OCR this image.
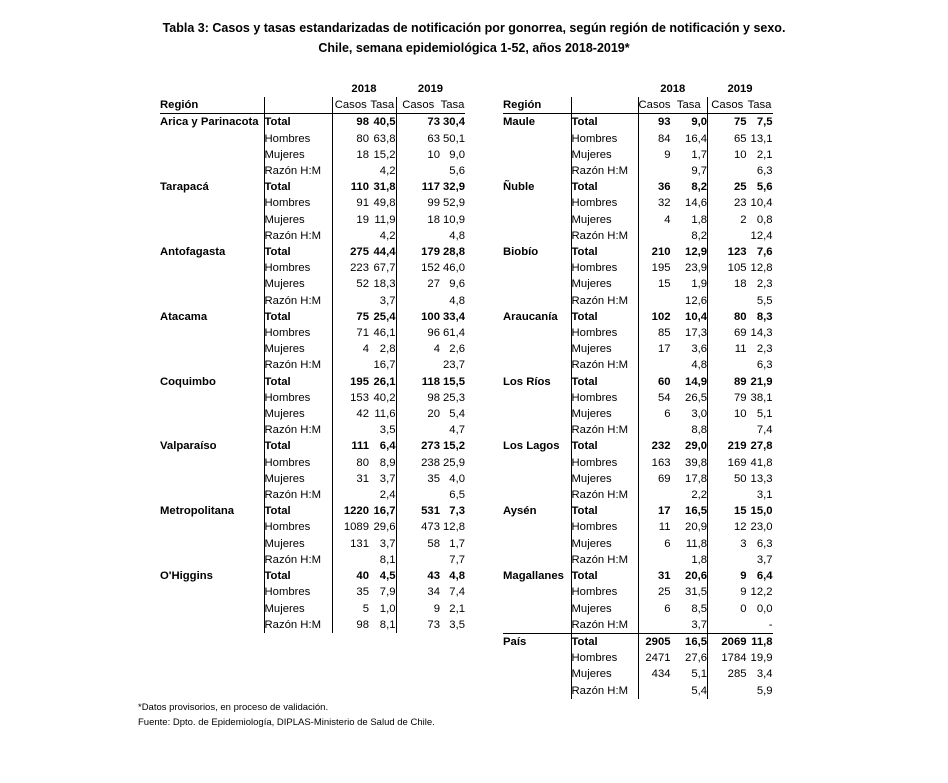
Tabla 3: Casos y tasas estandarizadas de notificación por gonorrea, según región de notificación y sexo.
Chile, semana epidemiológica 1-52, años 2018-2019*
		2018		2019	
Región		Casos	Tasa	Casos	Tasa
Arica y Parinacota	Total	98	40,5	73	30,4
	Hombres	80	63,8	63	50,1
	Mujeres	18	15,2	10	9,0
	Razón H:M		4,2		5,6
Tarapacá	Total	110	31,8	117	32,9
	Hombres	91	49,8	99	52,9
	Mujeres	19	11,9	18	10,9
	Razón H:M		4,2		4,8
Antofagasta	Total	275	44,4	179	28,8
	Hombres	223	67,7	152	46,0
	Mujeres	52	18,3	27	9,6
	Razón H:M		3,7		4,8
Atacama	Total	75	25,4	100	33,4
	Hombres	71	46,1	96	61,4
	Mujeres	4	2,8	4	2,6
	Razón H:M		16,7		23,7
Coquimbo	Total	195	26,1	118	15,5
	Hombres	153	40,2	98	25,3
	Mujeres	42	11,6	20	5,4
	Razón H:M		3,5		4,7
Valparaíso	Total	111	6,4	273	15,2
	Hombres	80	8,9	238	25,9
	Mujeres	31	3,7	35	4,0
	Razón H:M		2,4		6,5
Metropolitana	Total	1220	16,7	531	7,3
	Hombres	1089	29,6	473	12,8
	Mujeres	131	3,7	58	1,7
	Razón H:M		8,1		7,7
O'Higgins	Total	40	4,5	43	4,8
	Hombres	35	7,9	34	7,4
	Mujeres	5	1,0	9	2,1
	Razón H:M	98	8,1	73	3,5
		2018		2019	
Región		Casos	Tasa	Casos	Tasa
Maule	Total	93	9,0	75	7,5
	Hombres	84	16,4	65	13,1
	Mujeres	9	1,7	10	2,1
	Razón H:M		9,7		6,3
Ñuble	Total	36	8,2	25	5,6
	Hombres	32	14,6	23	10,4
	Mujeres	4	1,8	2	0,8
	Razón H:M		8,2		12,4
Biobío	Total	210	12,9	123	7,6
	Hombres	195	23,9	105	12,8
	Mujeres	15	1,9	18	2,3
	Razón H:M		12,6		5,5
Araucanía	Total	102	10,4	80	8,3
	Hombres	85	17,3	69	14,3
	Mujeres	17	3,6	11	2,3
	Razón H:M		4,8		6,3
Los Ríos	Total	60	14,9	89	21,9
	Hombres	54	26,5	79	38,1
	Mujeres	6	3,0	10	5,1
	Razón H:M		8,8		7,4
Los Lagos	Total	232	29,0	219	27,8
	Hombres	163	39,8	169	41,8
	Mujeres	69	17,8	50	13,3
	Razón H:M		2,2		3,1
Aysén	Total	17	16,5	15	15,0
	Hombres	11	20,9	12	23,0
	Mujeres	6	11,8	3	6,3
	Razón H:M		1,8		3,7
Magallanes	Total	31	20,6	9	6,4
	Hombres	25	31,5	9	12,2
	Mujeres	6	8,5	0	0,0
	Razón H:M		3,7		-
País	Total	2905	16,5	2069	11,8
	Hombres	2471	27,6	1784	19,9
	Mujeres	434	5,1	285	3,4
	Razón H:M		5,4		5,9
*Datos provisorios, en proceso de validación.
Fuente: Dpto. de Epidemiología, DIPLAS-Ministerio de Salud de Chile.
